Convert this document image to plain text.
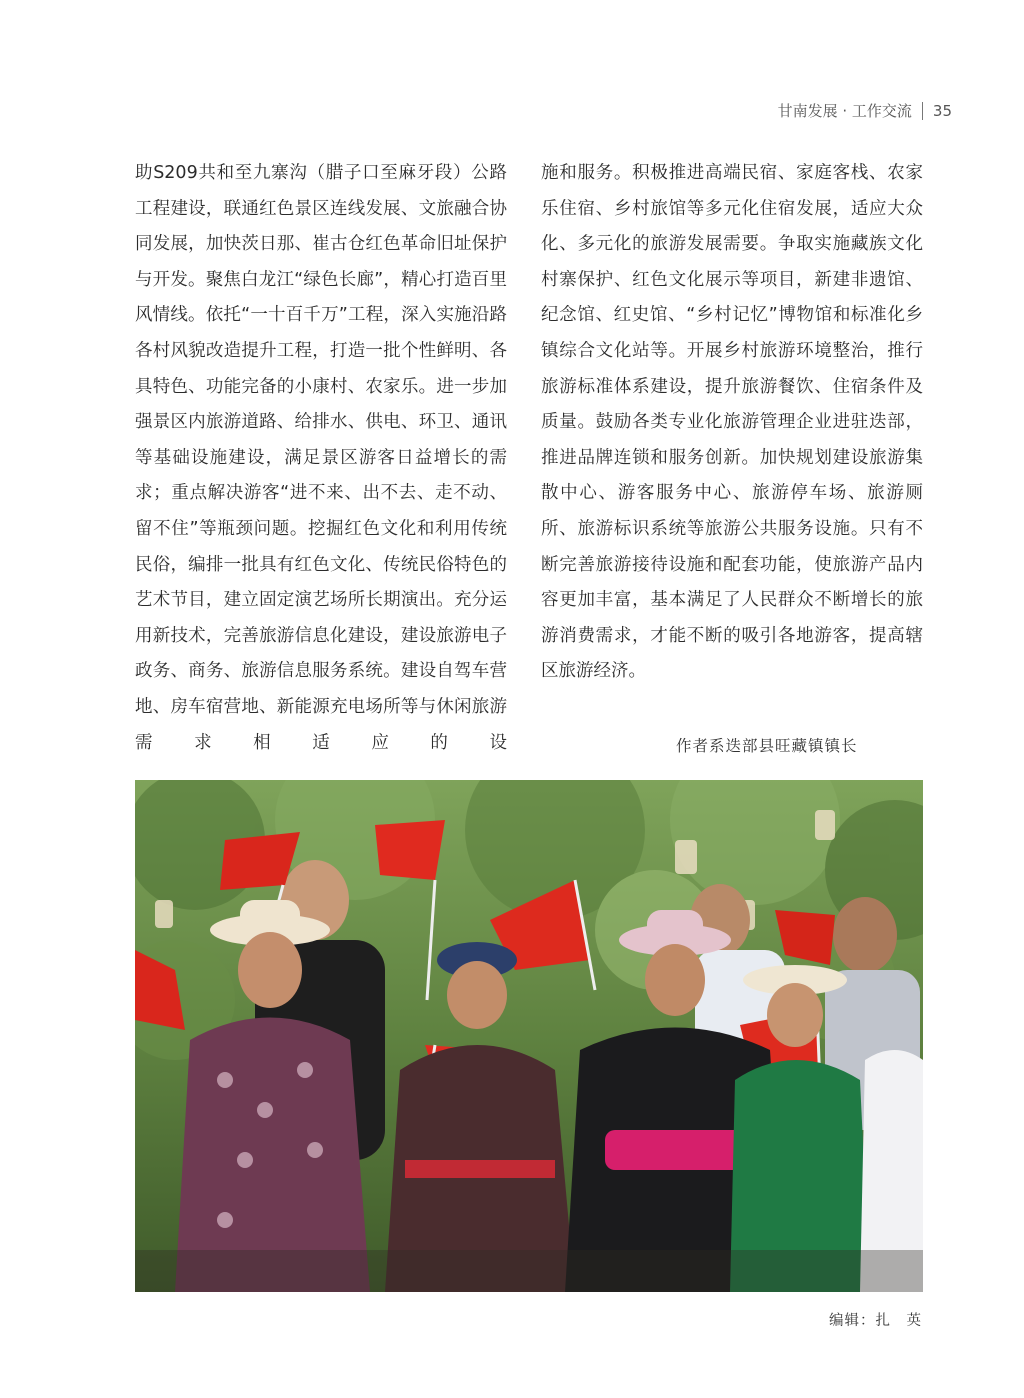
甘南发展 · 工作交流 35
助S209共和至九寨沟（腊子口至麻牙段）公路工程建设，联通红色景区连线发展、文旅融合协同发展，加快茨日那、崔古仓红色革命旧址保护与开发。聚焦白龙江“绿色长廊”，精心打造百里风情线。依托“一十百千万”工程，深入实施沿路各村风貌改造提升工程，打造一批个性鲜明、各具特色、功能完备的小康村、农家乐。进一步加强景区内旅游道路、给排水、供电、环卫、通讯等基础设施建设，满足景区游客日益增长的需求；重点解决游客“进不来、出不去、走不动、留不住”等瓶颈问题。挖掘红色文化和利用传统民俗，编排一批具有红色文化、传统民俗特色的艺术节目，建立固定演艺场所长期演出。充分运用新技术，完善旅游信息化建设，建设旅游电子政务、商务、旅游信息服务系统。建设自驾车营地、房车宿营地、新能源充电场所等与休闲旅游需求相适应的设
施和服务。积极推进高端民宿、家庭客栈、农家乐住宿、乡村旅馆等多元化住宿发展，适应大众化、多元化的旅游发展需要。争取实施藏族文化村寨保护、红色文化展示等项目，新建非遗馆、纪念馆、红史馆、“乡村记忆”博物馆和标准化乡镇综合文化站等。开展乡村旅游环境整治，推行旅游标准体系建设，提升旅游餐饮、住宿条件及质量。鼓励各类专业化旅游管理企业进驻迭部，推进品牌连锁和服务创新。加快规划建设旅游集散中心、游客服务中心、旅游停车场、旅游厕所、旅游标识系统等旅游公共服务设施。只有不断完善旅游接待设施和配套功能，使旅游产品内容更加丰富，基本满足了人民群众不断增长的旅游消费需求，才能不断的吸引各地游客，提高辖区旅游经济。
作者系迭部县旺藏镇镇长
编辑：扎　英
